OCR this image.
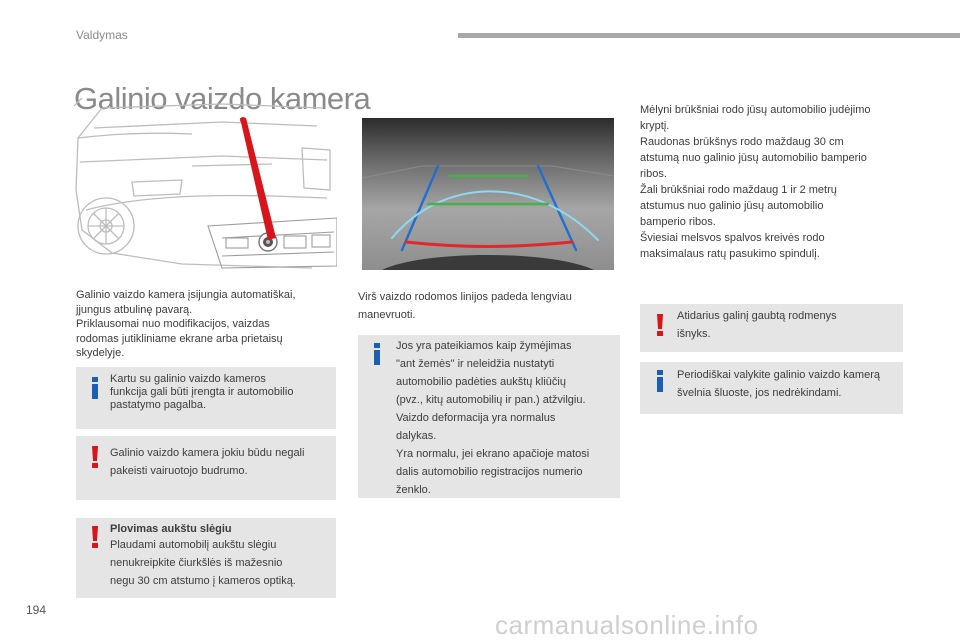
Valdymas
Galinio vaizdo kamera

Galinio vaizdo kamera įsijungia automatiškai,
jjungus atbulinę pavarą.
Priklausomai nuo modifikacijos, vaizdas
rodomas jutikliniame ekrane arba prietaisų
skydelyje.

Kartu su galinio vaizdo kameros
funkcija gali būti įrengta ir automobilio
pastatymo pagalba.
Galinio vaizdo kamera jokiu būdu negali
pakeisti vairuotojo budrumo.
Plovimas aukštu slėgiu
Plaudami automobilį aukštu slėgiu
nenukreipkite čiurkšlės iš mažesnio
negu 30 cm atstumo į kameros optiką.

Virš vaizdo rodomos linijos padeda lengviau
manevruoti.

Jos yra pateikiamos kaip žymėjimas
"ant žemės" ir neleidžia nustatyti
automobilio padėties aukštų kliūčių
(pvz., kitų automobilių ir pan.) atžvilgiu.
Vaizdo deformacija yra normalus
dalykas.
Yra normalu, jei ekrano apačioje matosi
dalis automobilio registracijos numerio
ženklo.

Mėlyni brūkšniai rodo jūsų automobilio judėjimo
kryptį.
Raudonas brūkšnys rodo maždaug 30 cm
atstumą nuo galinio jūsų automobilio bamperio
ribos.
Žali brūkšniai rodo maždaug 1 ir 2 metrų
atstumus nuo galinio jūsų automobilio
bamperio ribos.
Šviesiai melsvos spalvos kreivės rodo
maksimalaus ratų pasukimo spindulį.

Atidarius galinį gaubtą rodmenys
išnyks.
Periodiškai valykite galinio vaizdo kamerą
švelnia šluoste, jos nedrėkindami.
194	carmanualsonline.info
